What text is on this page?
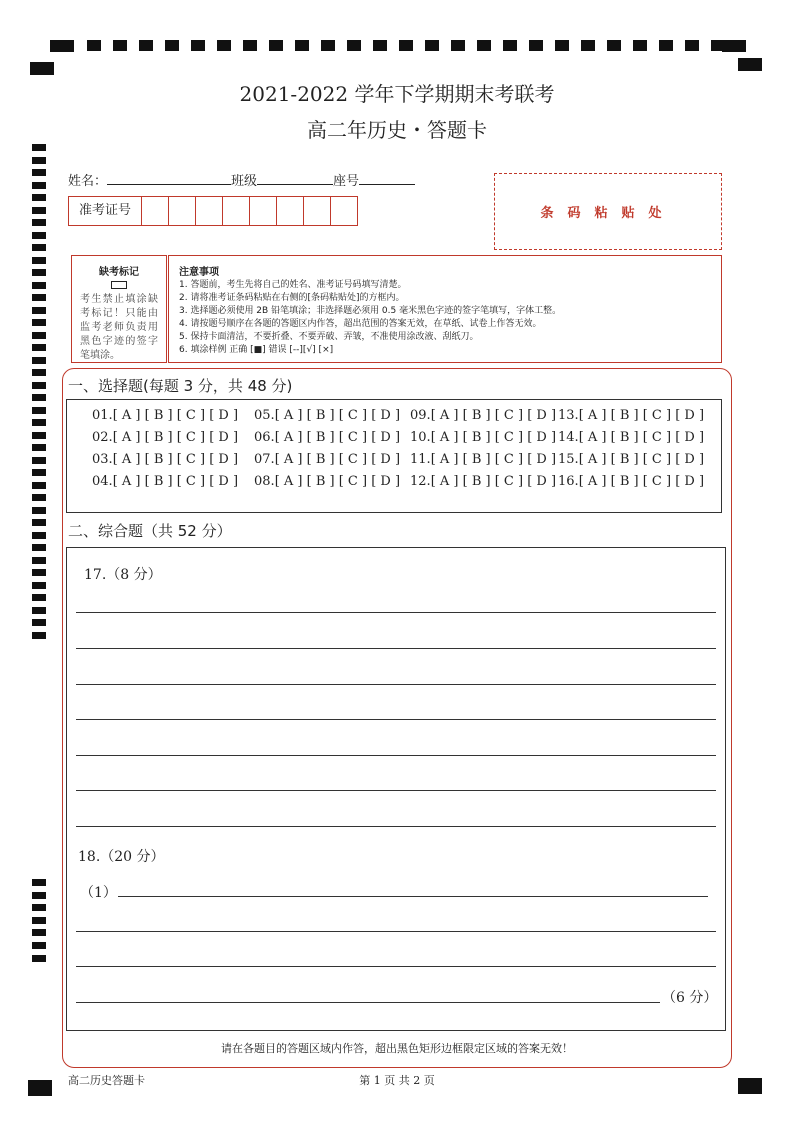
2021-2022 学年下学期期末考联考
高二年历史・答题卡
姓名：	班级	座号
准考证号	条码粘贴处
缺考标记
考生禁止填涂缺考标记！只能由监考老师负责用黑色字迹的签字笔填涂。
注意事项
1. 答题前，考生先将自己的姓名、准考证号码填写清楚。
2. 请将准考证条码粘贴在右侧的[条码粘贴处]的方框内。
3. 选择题必须使用 2B 铅笔填涂；非选择题必须用 0.5 毫米黑色字迹的签字笔填写，字体工整。
4. 请按题号顺序在各题的答题区内作答，超出范围的答案无效，在草纸、试卷上作答无效。
5. 保持卡面清洁，不要折叠、不要弄破、弄皱，不准使用涂改液、刮纸刀。
6. 填涂样例 正确 [■] 错误 [--][√] [×]
一、选择题(每题 3 分，共 48 分)
01.[ A ] [ B ] [ C ] [ D ]
02.[ A ] [ B ] [ C ] [ D ]
03.[ A ] [ B ] [ C ] [ D ]
04.[ A ] [ B ] [ C ] [ D ]
05.[ A ] [ B ] [ C ] [ D ]
06.[ A ] [ B ] [ C ] [ D ]
07.[ A ] [ B ] [ C ] [ D ]
08.[ A ] [ B ] [ C ] [ D ]
09.[ A ] [ B ] [ C ] [ D ]
10.[ A ] [ B ] [ C ] [ D ]
11.[ A ] [ B ] [ C ] [ D ]
12.[ A ] [ B ] [ C ] [ D ]
13.[ A ] [ B ] [ C ] [ D ]
14.[ A ] [ B ] [ C ] [ D ]
15.[ A ] [ B ] [ C ] [ D ]
16.[ A ] [ B ] [ C ] [ D ]
二、综合题（共 52 分）
17.（8 分）
18.（20 分）
（1）
（6 分）
请在各题目的答题区域内作答，超出黑色矩形边框限定区域的答案无效！
高二历史答题卡	第 1 页 共 2 页
